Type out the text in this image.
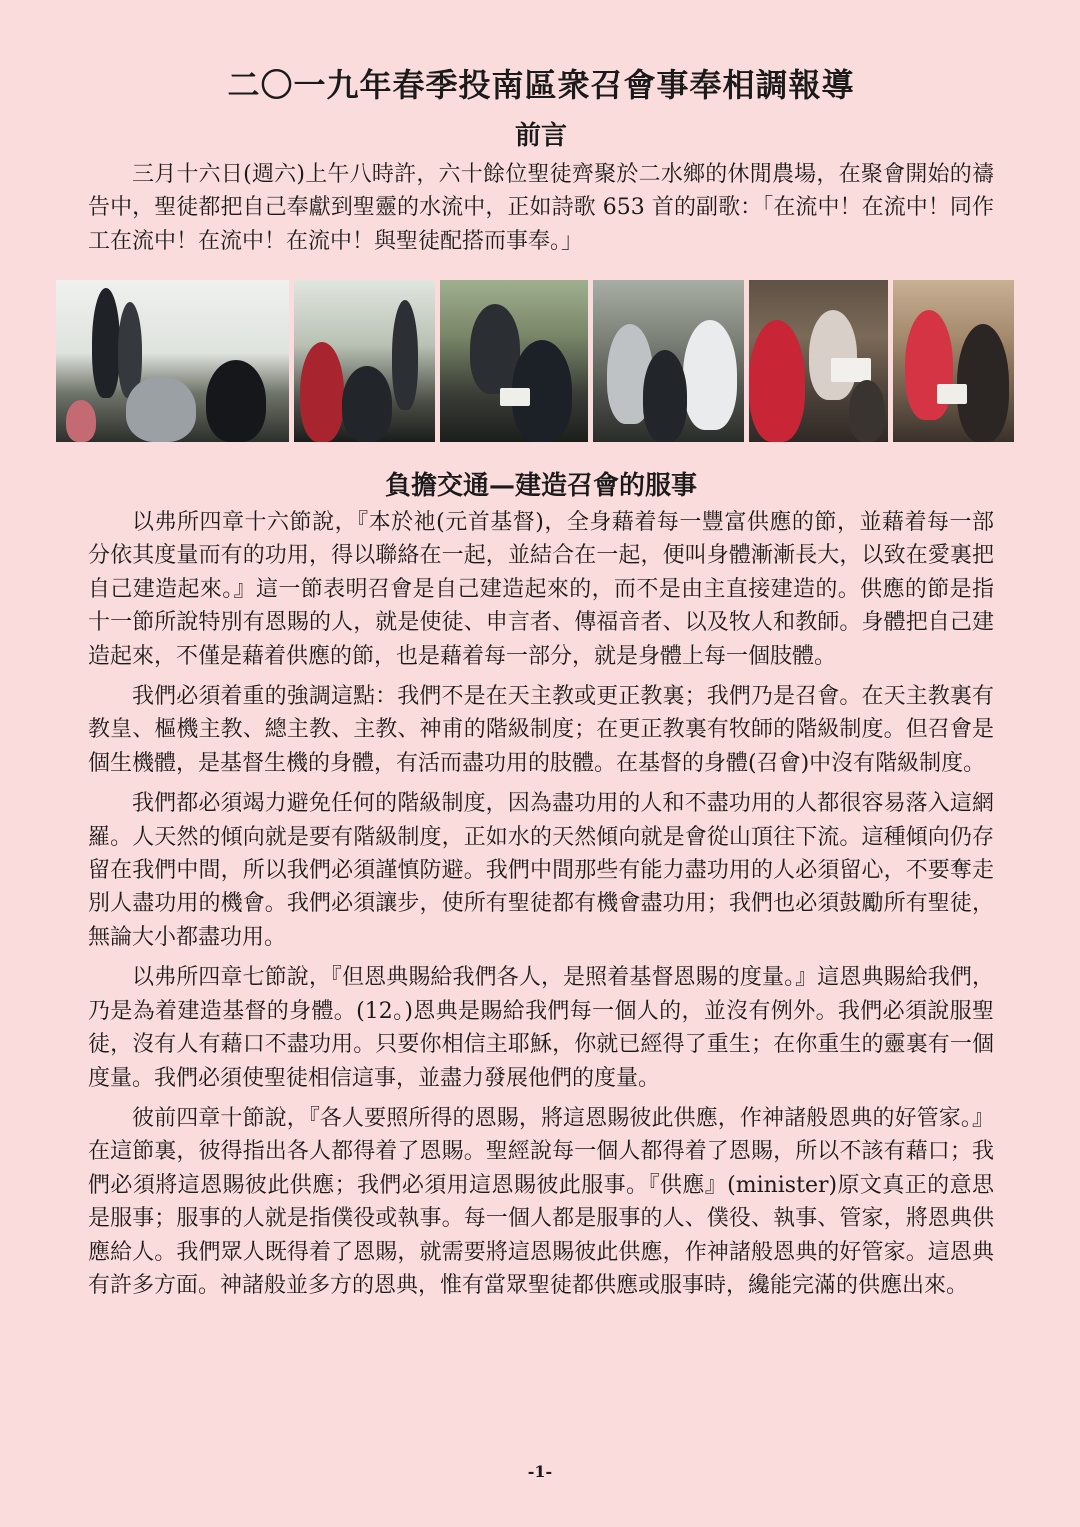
二〇一九年春季投南區衆召會事奉相調報導
前言

三月十六日(週六)上午八時許，六十餘位聖徒齊聚於二水鄉的休閒農場，在聚會開始的禱告中，聖徒都把自己奉獻到聖靈的水流中，正如詩歌 653 首的副歌：「在流中！在流中！同作工在流中！在流中！在流中！與聖徒配搭而事奉。」

負擔交通—建造召會的服事

以弗所四章十六節說，『本於祂(元首基督)，全身藉着每一豐富供應的節，並藉着每一部分依其度量而有的功用，得以聯絡在一起，並結合在一起，便叫身體漸漸長大，以致在愛裏把自己建造起來。』這一節表明召會是自己建造起來的，而不是由主直接建造的。供應的節是指十一節所說特別有恩賜的人，就是使徒、申言者、傳福音者、以及牧人和教師。身體把自己建造起來，不僅是藉着供應的節，也是藉着每一部分，就是身體上每一個肢體。

我們必須着重的強調這點：我們不是在天主教或更正教裏；我們乃是召會。在天主教裏有教皇、樞機主教、總主教、主教、神甫的階級制度；在更正教裏有牧師的階級制度。但召會是個生機體，是基督生機的身體，有活而盡功用的肢體。在基督的身體(召會)中沒有階級制度。

我們都必須竭力避免任何的階級制度，因為盡功用的人和不盡功用的人都很容易落入這網羅。人天然的傾向就是要有階級制度，正如水的天然傾向就是會從山頂往下流。這種傾向仍存留在我們中間，所以我們必須謹慎防避。我們中間那些有能力盡功用的人必須留心，不要奪走別人盡功用的機會。我們必須讓步，使所有聖徒都有機會盡功用；我們也必須鼓勵所有聖徒，無論大小都盡功用。

以弗所四章七節說，『但恩典賜給我們各人，是照着基督恩賜的度量。』這恩典賜給我們，乃是為着建造基督的身體。(12。)恩典是賜給我們每一個人的，並沒有例外。我們必須說服聖徒，沒有人有藉口不盡功用。只要你相信主耶穌，你就已經得了重生；在你重生的靈裏有一個度量。我們必須使聖徒相信這事，並盡力發展他們的度量。

彼前四章十節說，『各人要照所得的恩賜，將這恩賜彼此供應，作神諸般恩典的好管家。』在這節裏，彼得指出各人都得着了恩賜。聖經說每一個人都得着了恩賜，所以不該有藉口；我們必須將這恩賜彼此供應；我們必須用這恩賜彼此服事。『供應』(minister)原文真正的意思是服事；服事的人就是指僕役或執事。每一個人都是服事的人、僕役、執事、管家，將恩典供應給人。我們眾人既得着了恩賜，就需要將這恩賜彼此供應，作神諸般恩典的好管家。這恩典有許多方面。神諸般並多方的恩典，惟有當眾聖徒都供應或服事時，纔能完滿的供應出來。

-1-
